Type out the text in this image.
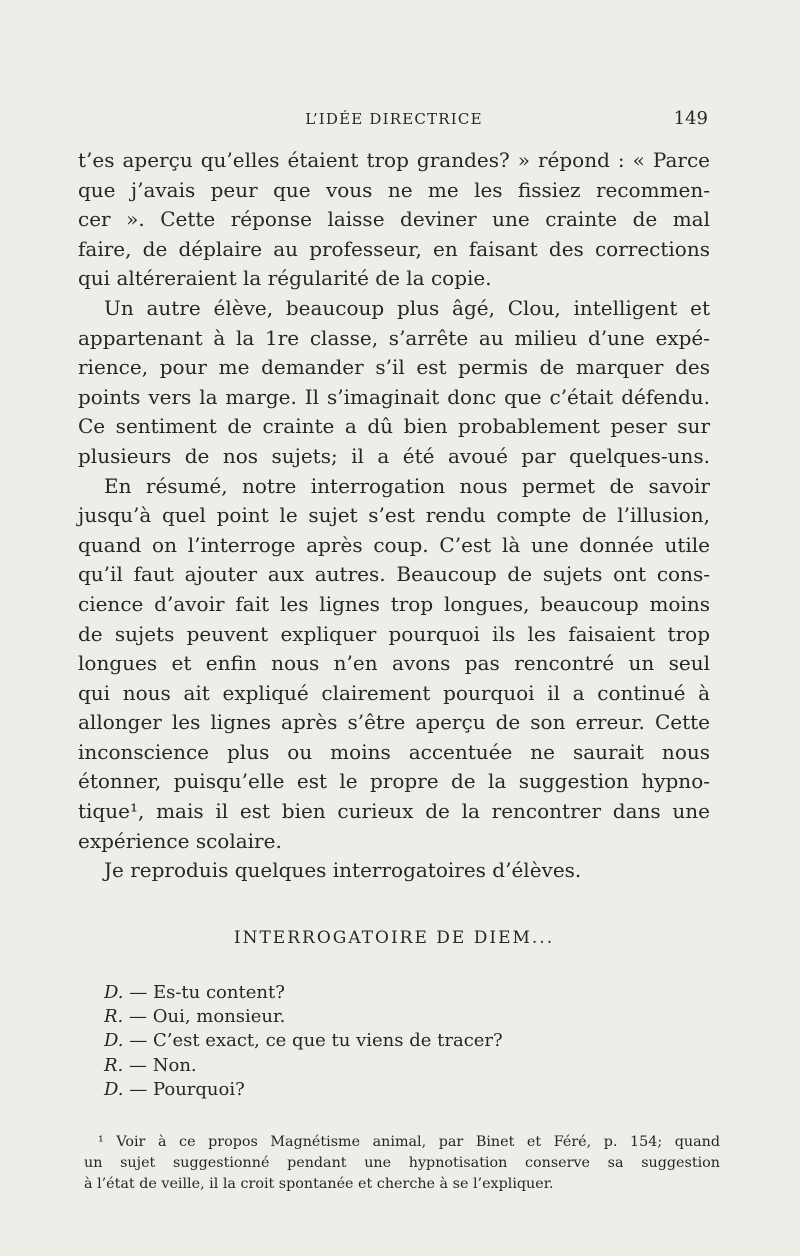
L’IDÉE DIRECTRICE	149
t’es aperçu qu’elles étaient trop grandes? » répond : « Parce
que j’avais peur que vous ne me les fissiez recommen-
cer ». Cette réponse laisse deviner une crainte de mal
faire, de déplaire au professeur, en faisant des corrections
qui altéreraient la régularité de la copie.
Un autre élève, beaucoup plus âgé, Clou, intelligent et
appartenant à la 1re classe, s’arrête au milieu d’une expé-
rience, pour me demander s’il est permis de marquer des
points vers la marge. Il s’imaginait donc que c’était défendu.
Ce sentiment de crainte a dû bien probablement peser sur
plusieurs de nos sujets; il a été avoué par quelques-uns.
En résumé, notre interrogation nous permet de savoir
jusqu’à quel point le sujet s’est rendu compte de l’illusion,
quand on l’interroge après coup. C’est là une donnée utile
qu’il faut ajouter aux autres. Beaucoup de sujets ont cons-
cience d’avoir fait les lignes trop longues, beaucoup moins
de sujets peuvent expliquer pourquoi ils les faisaient trop
longues et enfin nous n’en avons pas rencontré un seul
qui nous ait expliqué clairement pourquoi il a continué à
allonger les lignes après s’être aperçu de son erreur. Cette
inconscience plus ou moins accentuée ne saurait nous
étonner, puisqu’elle est le propre de la suggestion hypno-
tique¹, mais il est bien curieux de la rencontrer dans une
expérience scolaire.
Je reproduis quelques interrogatoires d’élèves.
INTERROGATOIRE DE DIEM...
D. — Es-tu content?
R. — Oui, monsieur.
D. — C’est exact, ce que tu viens de tracer?
R. — Non.
D. — Pourquoi?
¹ Voir à ce propos Magnétisme animal, par Binet et Féré, p. 154; quand
un sujet suggestionné pendant une hypnotisation conserve sa suggestion
à l’état de veille, il la croit spontanée et cherche à se l’expliquer.
